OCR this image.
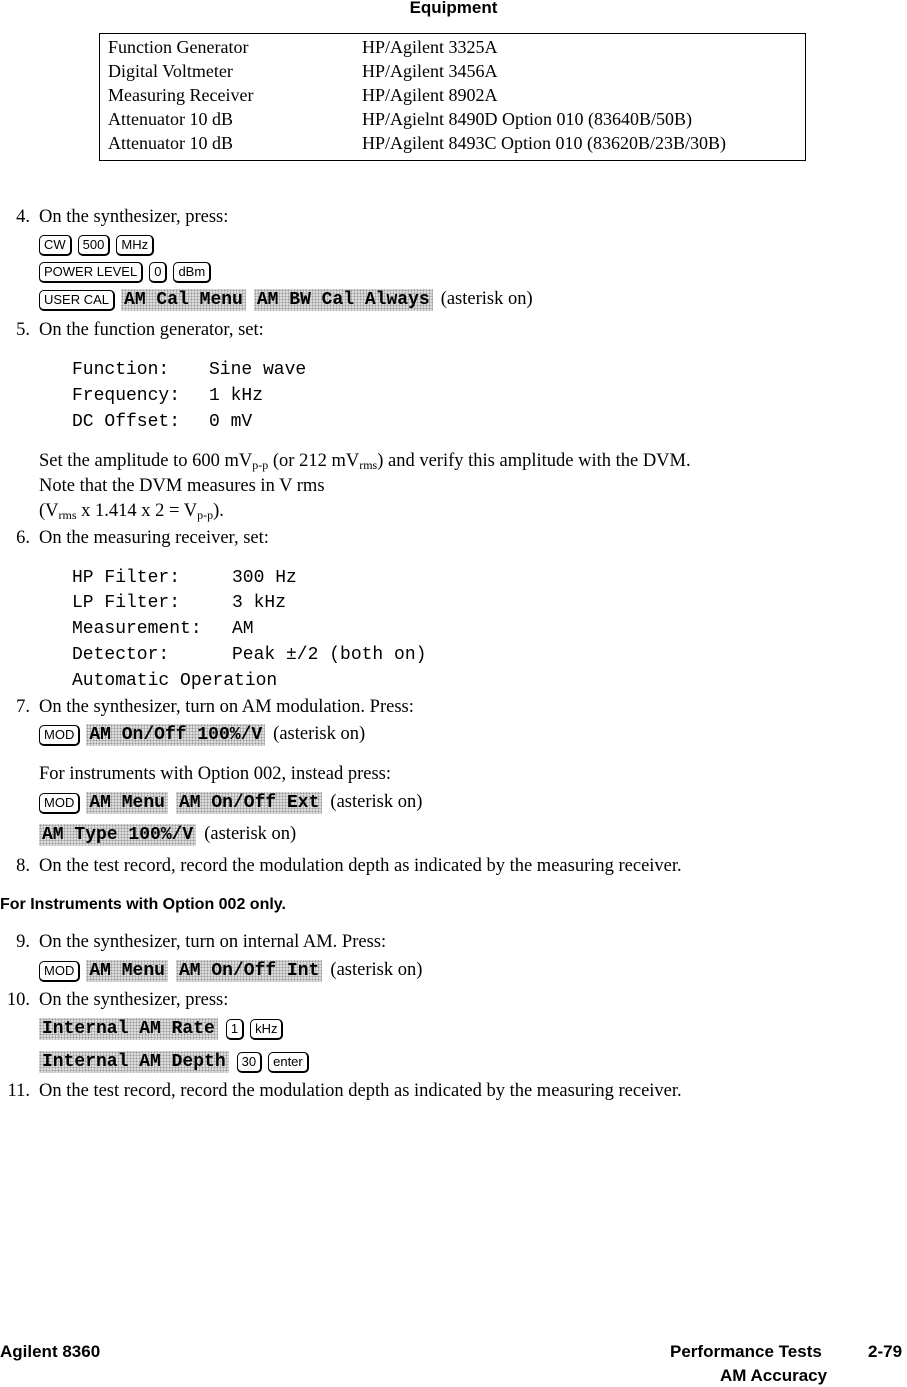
Equipment
Function Generator	HP/Agilent 3325A
Digital Voltmeter	HP/Agilent 3456A
Measuring Receiver	HP/Agilent 8902A
Attenuator 10 dB	HP/Agielnt 8490D Option 010 (83640B/50B)
Attenuator 10 dB	HP/Agilent 8493C Option 010 (83620B/23B/30B)
4. On the synthesizer, press:
CW 500 MHz
POWER LEVEL 0 dBm
USER CAL AM Cal Menu AM BW Cal Always (asterisk on)
5. On the function generator, set:
Function: Sine wave
Frequency: 1 kHz
DC Offset: 0 mV
Set the amplitude to 600 $mV_{p-p}$ (or 212 $mV_{rms}$) and verify this amplitude with the DVM.
Note that the DVM measures in V rms
($V_{rms}$ x 1.414 x $2 = V_{p-p}$).
6. On the measuring receiver, set:
HP Filter:	300 Hz
LP Filter:	3 kHz
Measurement: AM
Detector:	Peak ±/2 (both on)
Automatic Operation
7. On the synthesizer, turn on AM modulation. Press:
MOD AM On/Off 100%/V (asterisk on)
For instruments with Option 002, instead press:
MOD AM Menu AM On/Off Ext (asterisk on)
AM Type 100%/V (asterisk on)
8. On the test record, record the modulation depth as indicated by the measuring receiver.
For Instruments with Option 002 only.
9. On the synthesizer, turn on internal AM. Press:
MOD AM Menu AM On/Off Int (asterisk on)
10. On the synthesizer, press:
Internal AM Rate 1 kHz
Internal AM Depth 30 enter
11. On the test record, record the modulation depth as indicated by the measuring receiver.
Agilent 8360	Performance Tests	2-79
AM Accuracy
